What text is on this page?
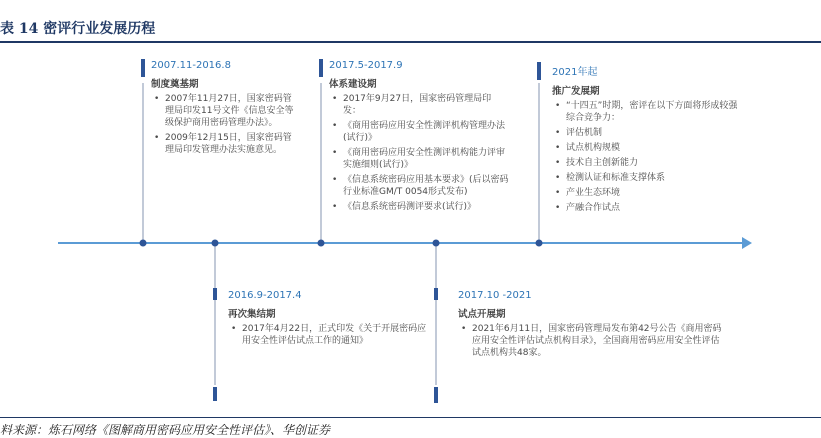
表 14 密评行业发展历程
2007.11-2016.8
制度奠基期
• 2007年11月27日，国家密码管理局印发11号文件《信息安全等级保护商用密码管理办法》。
• 2009年12月15日，国家密码管理局印发管理办法实施意见。
2016.9-2017.4
再次集结期
• 2017年4月22日，正式印发《关于开展密码应用安全性评估试点工作的通知》
2017.5-2017.9
体系建设期
• 2017年9月27日，国家密码管理局印发：
• 《商用密码应用安全性测评机构管理办法(试行)》
• 《商用密码应用安全性测评机构能力评审实施细则(试行)》
• 《信息系统密码应用基本要求》(后以密码行业标准GM/T 0054形式发布)
• 《信息系统密码测评要求(试行)》
2017.10 -2021
试点开展期
• 2021年6月11日，国家密码管理局发布第42号公告《商用密码应用安全性评估试点机构目录》，全国商用密码应用安全性评估试点机构共48家。
2021年起
推广发展期
• “十四五”时期，密评在以下方面将形成较强综合竞争力：
• 评估机制
• 试点机构规模
• 技术自主创新能力
• 检测认证和标准支撑体系
• 产业生态环境
• 产融合作试点
料来源：炼石网络《图解商用密码应用安全性评估》、华创证券
